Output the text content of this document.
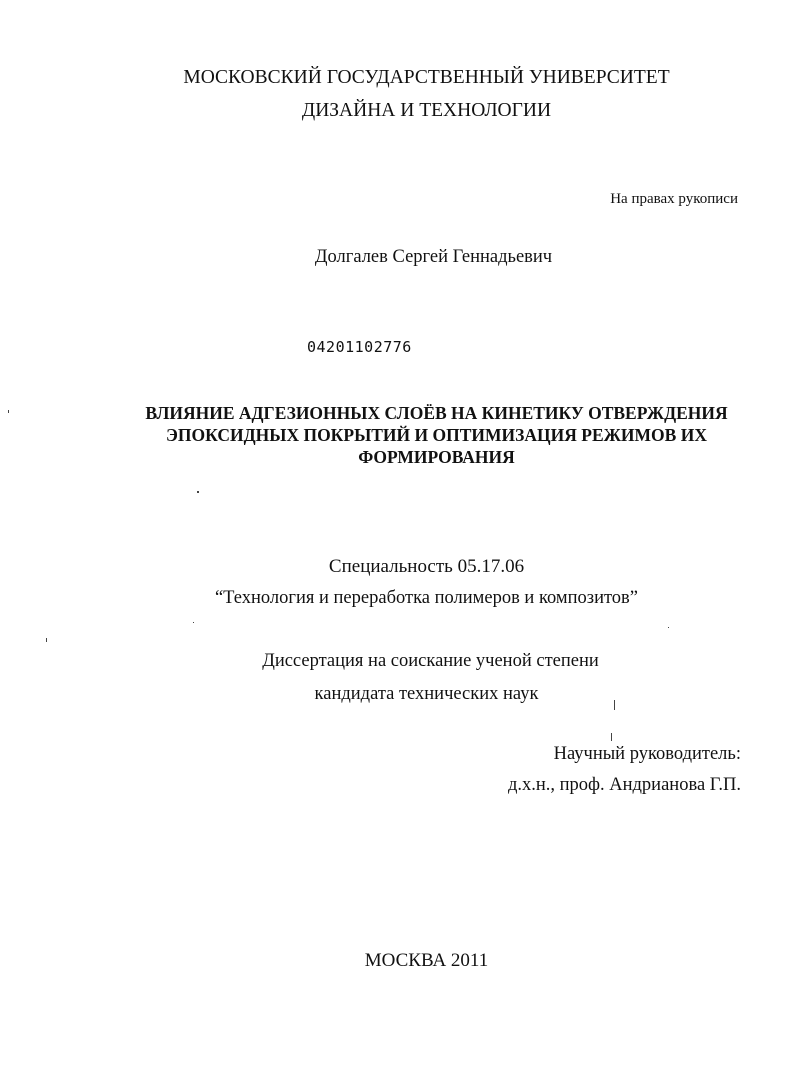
МОСКОВСКИЙ ГОСУДАРСТВЕННЫЙ УНИВЕРСИТЕТ
ДИЗАЙНА И ТЕХНОЛОГИИ
На правах рукописи
Долгалев Сергей Геннадьевич
04201102776
ВЛИЯНИЕ АДГЕЗИОННЫХ СЛОЁВ НА КИНЕТИКУ ОТВЕРЖДЕНИЯ
ЭПОКСИДНЫХ ПОКРЫТИЙ И ОПТИМИЗАЦИЯ РЕЖИМОВ ИХ
ФОРМИРОВАНИЯ
Специальность 05.17.06
“Технология и переработка полимеров и композитов”
Диссертация на соискание ученой степени
кандидата технических наук
Научный руководитель:
д.х.н., проф. Андрианова Г.П.
МОСКВА 2011
